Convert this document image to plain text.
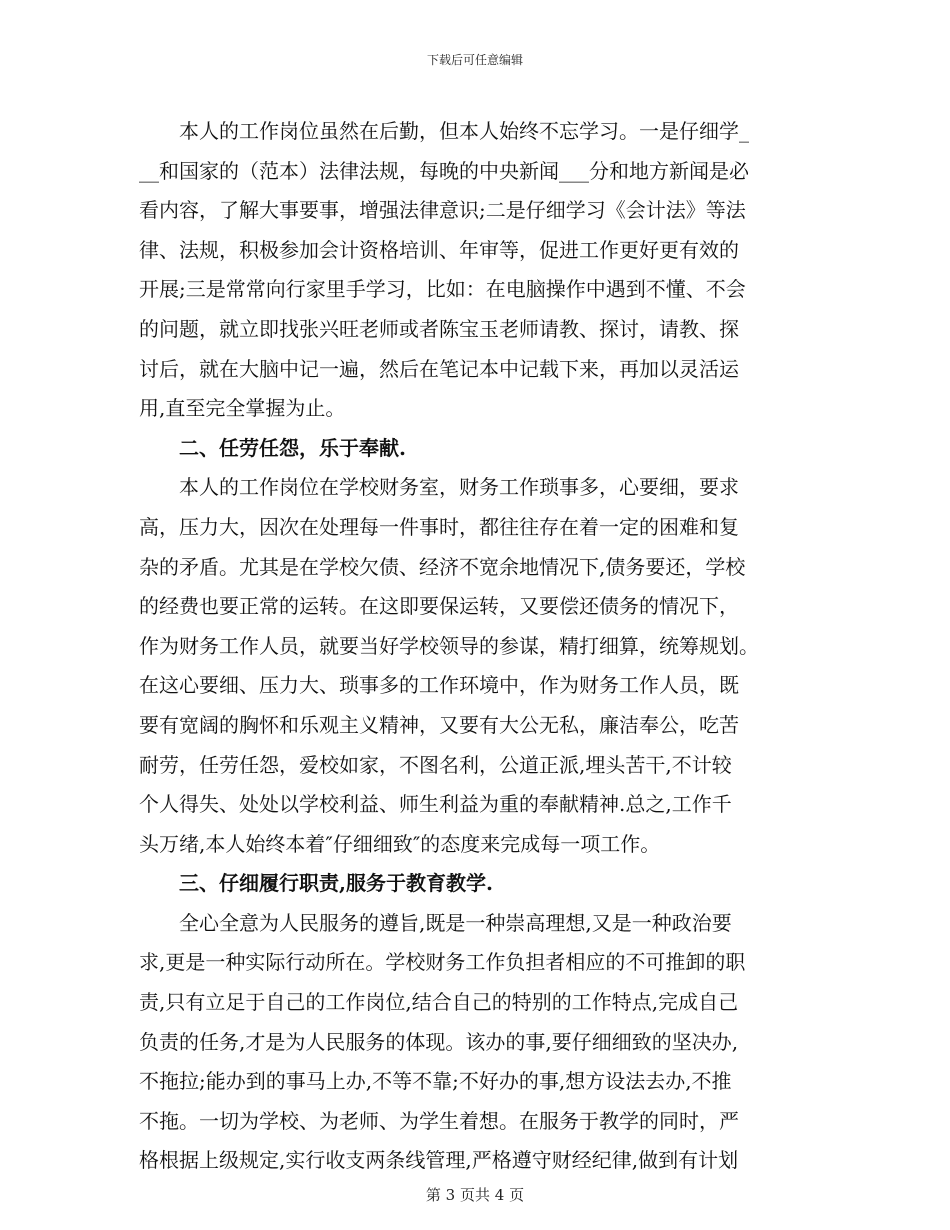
下载后可任意编辑
本人的工作岗位虽然在后勤，但本人始终不忘学习。一是仔细学_
__和国家的（范本）法律法规，每晚的中央新闻___分和地方新闻是必
看内容，了解大事要事，增强法律意识;二是仔细学习《会计法》等法
律、法规，积极参加会计资格培训、年审等，促进工作更好更有效的
开展;三是常常向行家里手学习，比如：在电脑操作中遇到不懂、不会
的问题，就立即找张兴旺老师或者陈宝玉老师请教、探讨，请教、探
讨后，就在大脑中记一遍，然后在笔记本中记载下来，再加以灵活运
用,直至完全掌握为止。
二、任劳任怨，乐于奉献.
本人的工作岗位在学校财务室，财务工作琐事多，心要细，要求
高，压力大，因次在处理每一件事时，都往往存在着一定的困难和复
杂的矛盾。尤其是在学校欠债、经济不宽余地情况下,债务要还，学校
的经费也要正常的运转。在这即要保运转，又要偿还债务的情况下，
作为财务工作人员，就要当好学校领导的参谋，精打细算，统筹规划。
在这心要细、压力大、琐事多的工作环境中，作为财务工作人员，既
要有宽阔的胸怀和乐观主义精神，又要有大公无私，廉洁奉公，吃苦
耐劳，任劳任怨，爱校如家，不图名利，公道正派,埋头苦干,不计较
个人得失、处处以学校利益、师生利益为重的奉献精神.总之,工作千
头万绪,本人始终本着″仔细细致″的态度来完成每一项工作。
三、仔细履行职责,服务于教育教学.
全心全意为人民服务的遵旨,既是一种崇高理想,又是一种政治要
求,更是一种实际行动所在。学校财务工作负担者相应的不可推卸的职
责,只有立足于自己的工作岗位,结合自己的特别的工作特点,完成自己
负责的任务,才是为人民服务的体现。该办的事,要仔细细致的坚决办,
不拖拉;能办到的事马上办,不等不靠;不好办的事,想方设法去办,不推
不拖。一切为学校、为老师、为学生着想。在服务于教学的同时，严
格根据上级规定,实行收支两条线管理,严格遵守财经纪律,做到有计划
第 3 页共 4 页
